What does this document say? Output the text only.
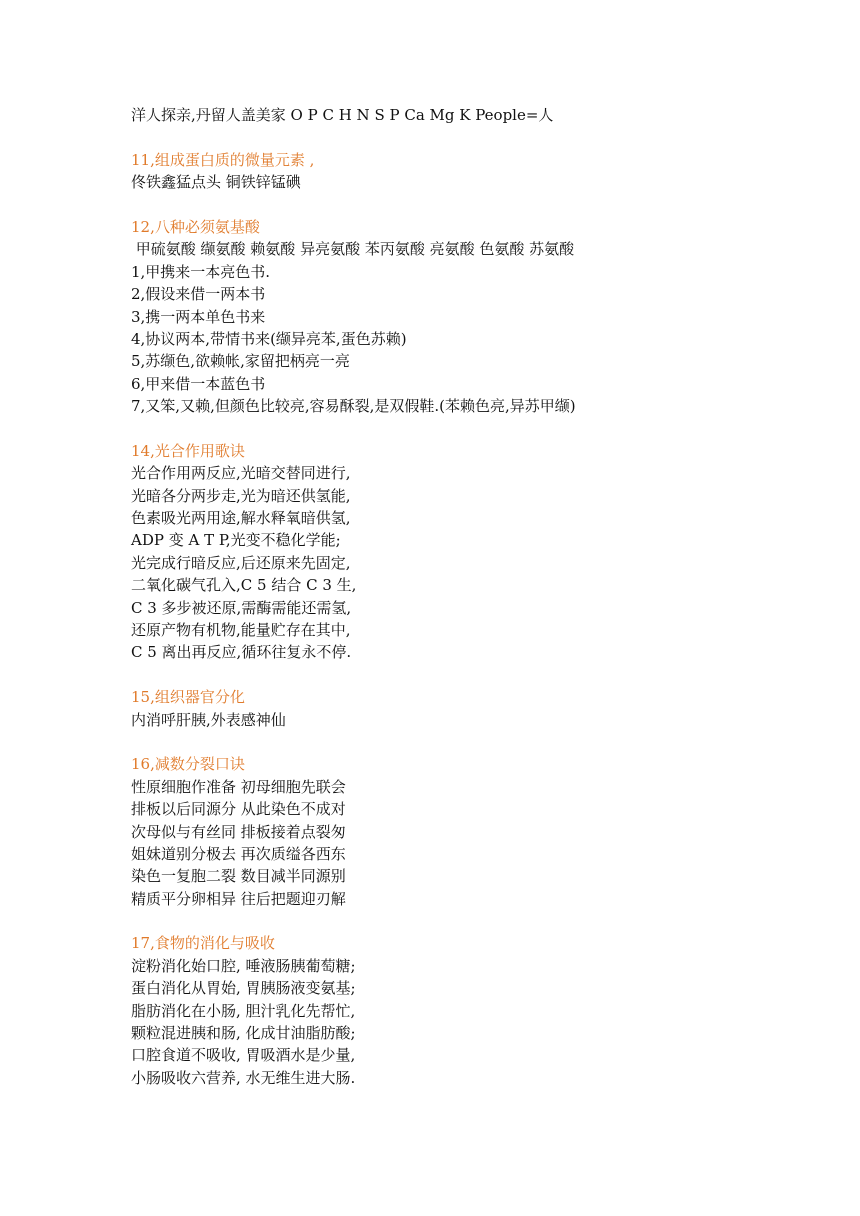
洋人探亲,丹留人盖美家 O P C H N S P Ca Mg K People=人
11,组成蛋白质的微量元素 ,
佟铁鑫猛点头 铜铁锌锰碘
12,八种必须氨基酸
甲硫氨酸 缬氨酸 赖氨酸 异亮氨酸 苯丙氨酸 亮氨酸 色氨酸 苏氨酸
1,甲携来一本亮色书.
2,假设来借一两本书
3,携一两本单色书来
4,协议两本,带情书来(缬异亮苯,蛋色苏赖)
5,苏缬色,欲赖帐,家留把柄亮一亮
6,甲来借一本蓝色书
7,又笨,又赖,但颜色比较亮,容易酥裂,是双假鞋.(苯赖色亮,异苏甲缬)
14,光合作用歌诀
光合作用两反应,光暗交替同进行,
光暗各分两步走,光为暗还供氢能,
色素吸光两用途,解水释氧暗供氢,
ADP 变 A T P,光变不稳化学能;
光完成行暗反应,后还原来先固定,
二氧化碳气孔入,C 5 结合 C 3 生,
C 3 多步被还原,需酶需能还需氢,
还原产物有机物,能量贮存在其中,
C 5 离出再反应,循环往复永不停.
15,组织器官分化
内消呼肝胰,外表感神仙
16,减数分裂口诀
性原细胞作准备 初母细胞先联会
排板以后同源分 从此染色不成对
次母似与有丝同 排板接着点裂匆
姐妹道别分极去 再次质缢各西东
染色一复胞二裂 数目减半同源别
精质平分卵相异 往后把题迎刃解
17,食物的消化与吸收
淀粉消化始口腔, 唾液肠胰葡萄糖;
蛋白消化从胃始, 胃胰肠液变氨基;
脂肪消化在小肠, 胆汁乳化先帮忙,
颗粒混进胰和肠, 化成甘油脂肪酸;
口腔食道不吸收, 胃吸酒水是少量,
小肠吸收六营养, 水无维生进大肠.
